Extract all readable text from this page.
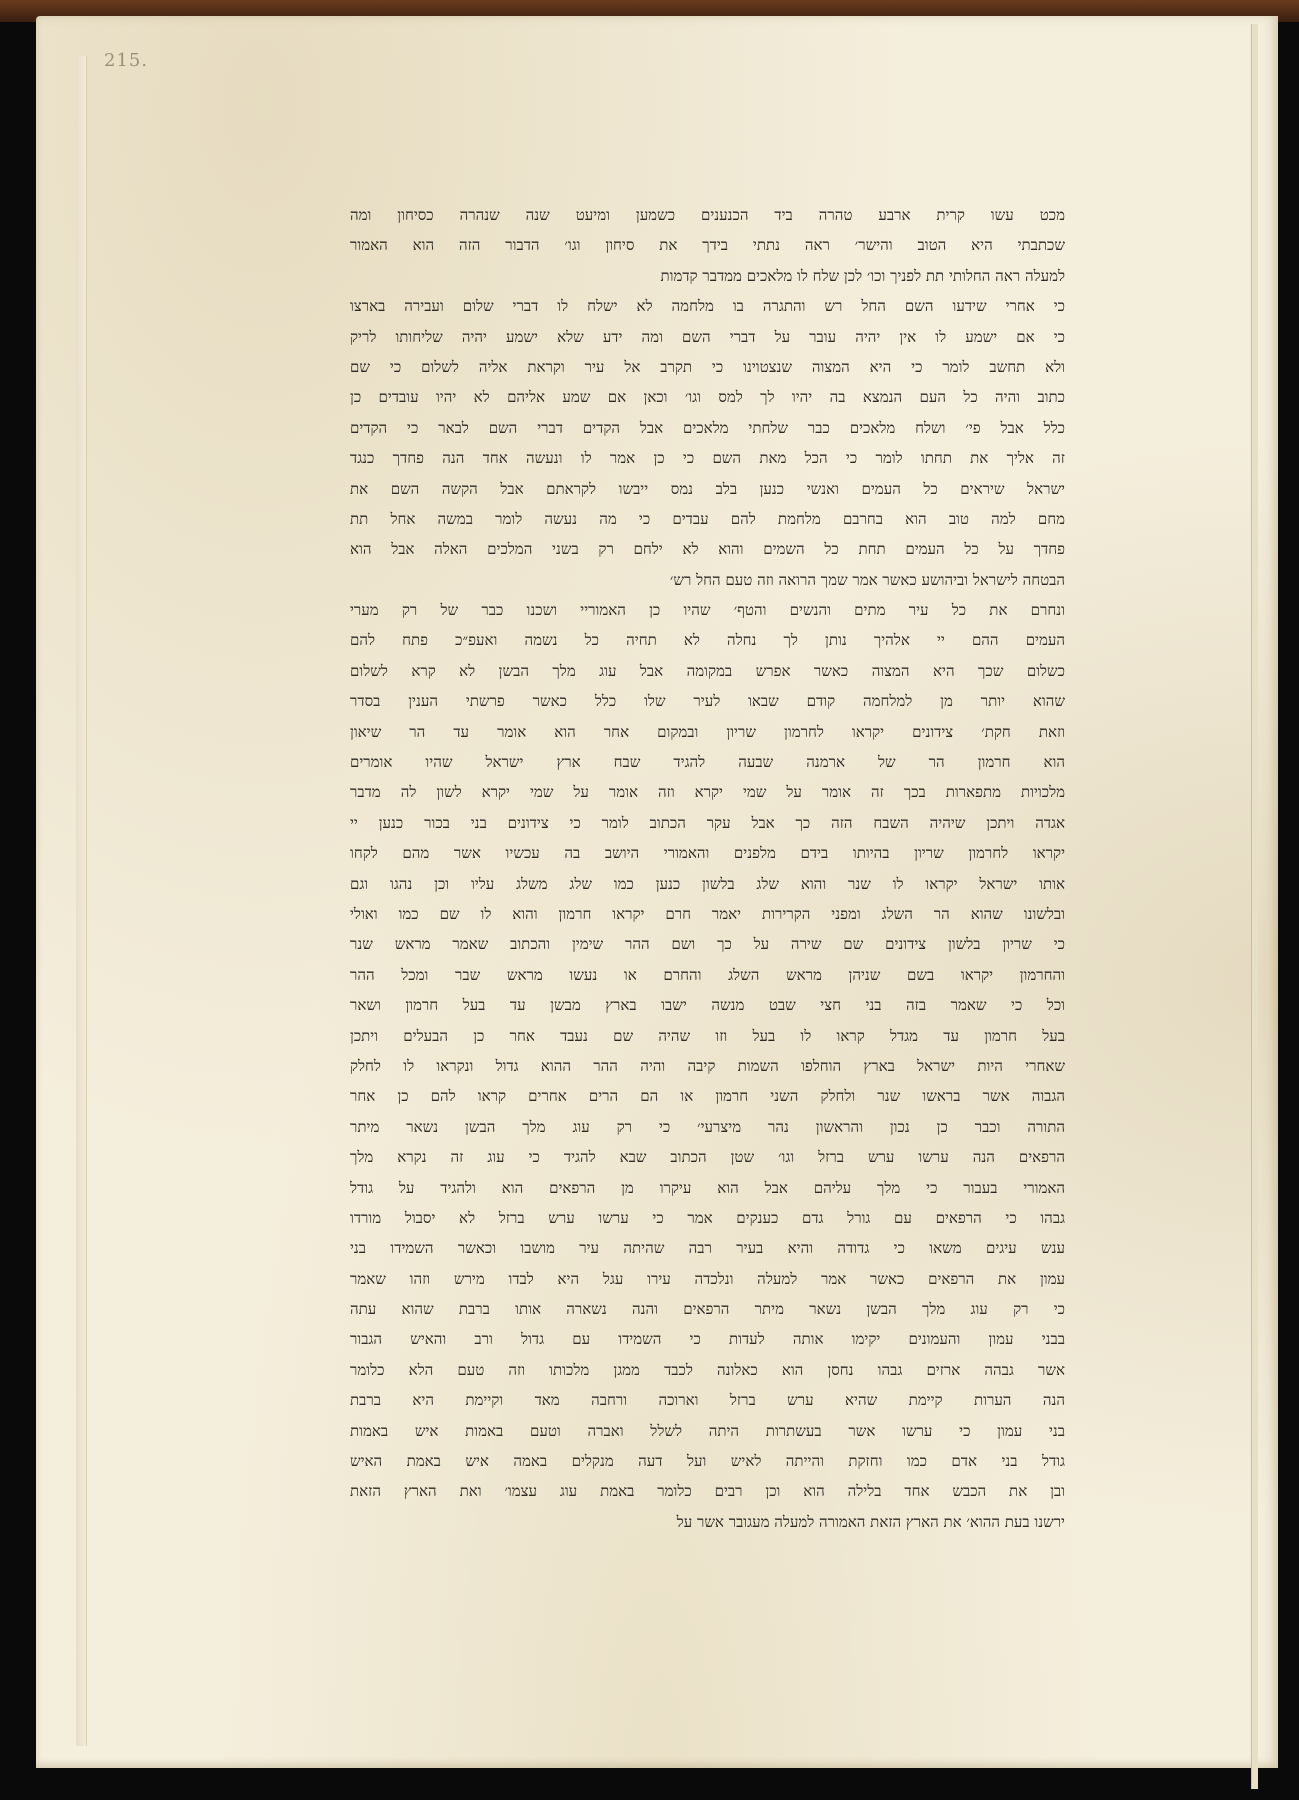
215.
מכט עשו קרית ארבע טהרה ביד הכנענים כשמען ומיעט שנה שנהרה כסיחון ומה
שכתבתי היא הטוב והישר׳ ראה נתתי בידך את סיחון וגו׳ הדבור הזה הוא האמור
למעלה ראה החלותי תת לפניך וכו׳ לכן שלח לו מלאכים ממדבר קדמות
כי אחרי שידעו השם החל רש והתגרה בו מלחמה לא ישלח לו דברי שלום ועבירה בארצו
כי אם ישמע לו אין יהיה עובר על דברי השם ומה ידע שלא ישמע יהיה שליחותו לריק
ולא תחשב לומר כי היא המצוה שנצטוינו כי תקרב אל עיר וקראת אליה לשלום כי שם
כתוב והיה כל העם הנמצא בה יהיו לך למס וגו׳ וכאן אם שמע אליהם לא יהיו עובדים כן
כלל אבל פי׳ ושלח מלאכים כבר שלחתי מלאכים אבל הקדים דברי השם לבאר כי הקדים
זה אליך את תחתו לומר כי הכל מאת השם כי כן אמר לו ונעשה אחד הנה פחדך כנגד
ישראל שיראים כל העמים ואנשי כנען בלב נמס ייבשו לקראתם אבל הקשה השם את
מחם למה טוב הוא בחרבם מלחמת להם עבדים כי מה נעשה לומר במשה אחל תת
פחדך על כל העמים תחת כל השמים והוא לא ילחם רק בשני המלכים האלה אבל הוא
הבטחה לישראל וביהושע כאשר אמר שמך הרואה וזה טעם החל רש׳
ונחרם את כל עיר מתים והנשים והטף׳ שהיו כן האמוריי ושכנו כבר של רק מערי
העמים ההם יי אלהיך נותן לך נחלה לא תחיה כל נשמה ואעפ״כ פתח להם
כשלום שכך היא המצוה כאשר אפרש במקומה אבל עוג מלך הבשן לא קרא לשלום
שהוא יותר מן למלחמה קודם שבאו לעיר שלו כלל כאשר פרשתי הענין בסדר
וזאת חקת׳ צידונים יקראו לחרמון שריון ובמקום אחר הוא אומר עד הר שיאון
הוא חרמון הר של ארמנה שבעה להגיד שבח ארץ ישראל שהיו אומרים
מלכויות מתפארות בכך זה אומר על שמי יקרא וזה אומר על שמי יקרא לשון לה מדבר
אגדה ויתכן שיהיה השבח הזה כך אבל עקר הכתוב לומר כי צידונים בני בכור כנען יי
יקראו לחרמון שריון בהיותו בידם מלפנים והאמורי היושב בה עכשיו אשר מהם לקחו
אותו ישראל יקראו לו שנר והוא שלג בלשון כנען כמו שלג משלג עליו וכן נהגו וגם
ובלשונו שהוא הר השלג ומפני הקרירות יאמר חרם יקראו חרמון והוא לו שם כמו ואולי
כי שריון בלשון צידונים שם שירה על כך ושם ההר שימין והכתוב שאמר מראש שנר
והחרמון יקראו בשם שניהן מראש השלג והחרם או נעשו מראש שבר ומכל ההר
וכל כי שאמר בזה בני חצי שבט מנשה ישבו בארץ מבשן עד בעל חרמון ושאר
בעל חרמון עד מגדל קראו לו בעל וזו שהיה שם נעבד אחר כן הבעלים ויתכן
שאחרי היות ישראל בארץ הוחלפו השמות קיבה והיה ההר ההוא גדול ונקראו לו לחלק
הגבוה אשר בראשו שנר ולחלק השני חרמון או הם הרים אחרים קראו להם כן אחר
התורה וכבר כן נכון והראשון נהר מיצרעי׳ כי רק עוג מלך הבשן נשאר מיתר
הרפאים הנה ערשו ערש ברזל וגו׳ שטן הכתוב שבא להגיד כי עוג זה נקרא מלך
האמורי בעבור כי מלך עליהם אבל הוא עיקרו מן הרפאים הוא ולהגיד על גודל
גבהו כי הרפאים עם גורל גדם כענקים אמר כי ערשו ערש ברזל לא יסבול מורדו
ענש עיגים משאו כי גדודה והיא בעיר רבה שהיתה עיר מושבו וכאשר השמידו בני
עמון את הרפאים כאשר אמר למעלה ונלכדה עירו עגל היא לבדו מירש וזהו שאמר
כי רק עוג מלך הבשן נשאר מיתר הרפאים והנה נשארה אותו ברבת שהוא עתה
בבני עמון והעמונים יקימו אותה לעדות כי השמידו עם גדול ורב והאיש הגבור
אשר גבהה ארזים גבהו נחסן הוא כאלונה לכבד ממגן מלכותו וזה טעם הלא כלומר
הנה הערות קיימת שהיא ערש ברזל וארוכה ורחבה מאד וקיימת היא ברבת
בני עמון כי ערשו אשר בעשתרות היתה לשלל ואברה וטעם באמות איש באמות
גודל בני אדם כמו וחזקת והייתה לאיש ועל דעה מנקלים באמה איש באמת האיש
ובן את הכבש אחד בלילה הוא וכן רבים כלומר באמת עוג עצמו׳ ואת הארץ הזאת
ירשנו בעת ההוא׳ את הארץ הזאת האמורה למעלה מעגובר אשר על
